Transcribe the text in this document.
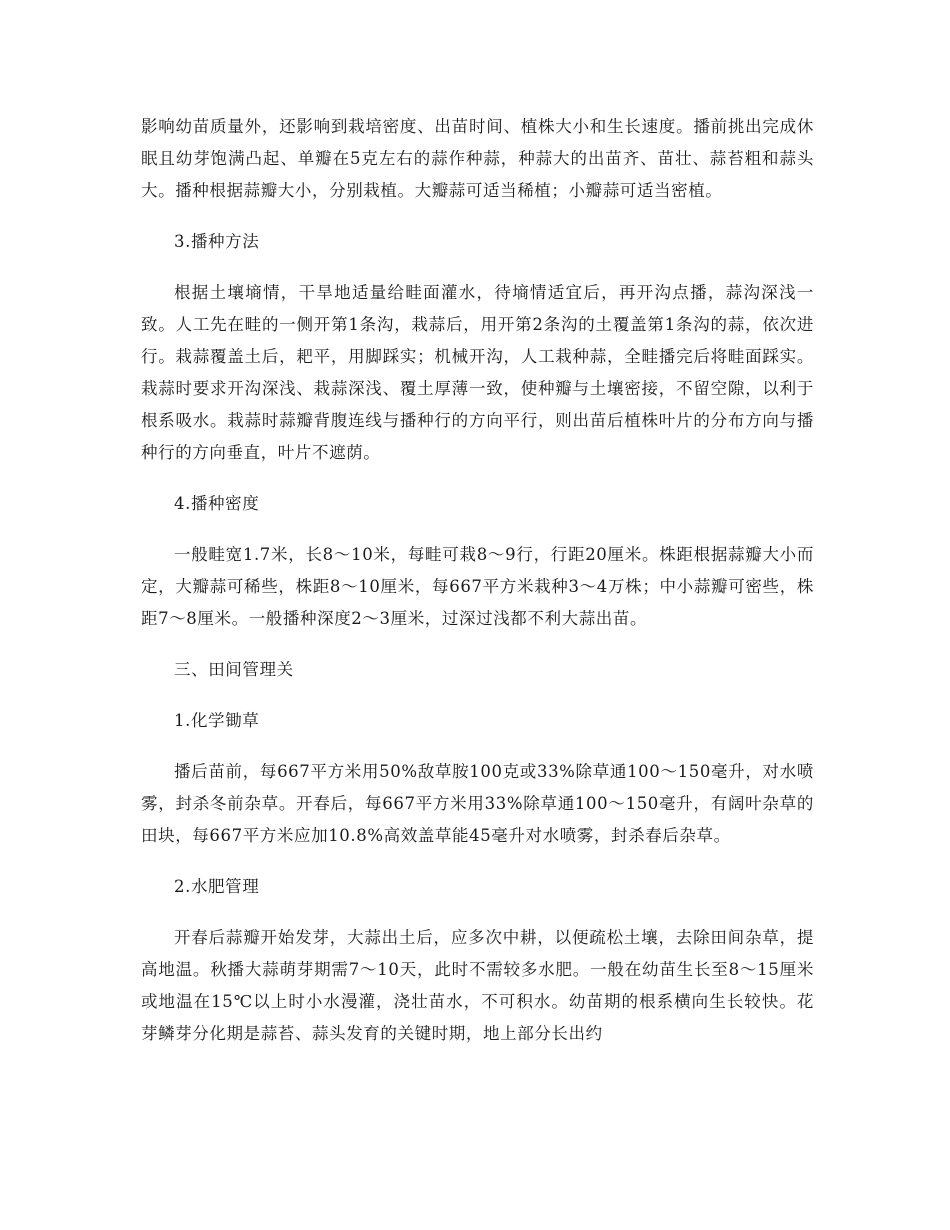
影响幼苗质量外，还影响到栽培密度、出苗时间、植株大小和生长速度。播前挑出完成休眠且幼芽饱满凸起、单瓣在5克左右的蒜作种蒜，种蒜大的出苗齐、苗壮、蒜苔粗和蒜头大。播种根据蒜瓣大小，分别栽植。大瓣蒜可适当稀植；小瓣蒜可适当密植。

3.播种方法

根据土壤墒情，干旱地适量给畦面灌水，待墒情适宜后，再开沟点播，蒜沟深浅一致。人工先在畦的一侧开第1条沟，栽蒜后，用开第2条沟的土覆盖第1条沟的蒜，依次进行。栽蒜覆盖土后，耙平，用脚踩实；机械开沟，人工栽种蒜，全畦播完后将畦面踩实。栽蒜时要求开沟深浅、栽蒜深浅、覆土厚薄一致，使种瓣与土壤密接，不留空隙，以利于根系吸水。栽蒜时蒜瓣背腹连线与播种行的方向平行，则出苗后植株叶片的分布方向与播种行的方向垂直，叶片不遮荫。

4.播种密度

一般畦宽1.7米，长8～10米，每畦可栽8～9行，行距20厘米。株距根据蒜瓣大小而定，大瓣蒜可稀些，株距8～10厘米，每667平方米栽种3～4万株；中小蒜瓣可密些，株距7～8厘米。一般播种深度2～3厘米，过深过浅都不利大蒜出苗。

三、田间管理关
1.化学锄草

播后苗前，每667平方米用50%敌草胺100克或33%除草通100～150毫升，对水喷雾，封杀冬前杂草。开春后，每667平方米用33%除草通100～150毫升，有阔叶杂草的田块，每667平方米应加10.8%高效盖草能45毫升对水喷雾，封杀春后杂草。

2.水肥管理

开春后蒜瓣开始发芽，大蒜出土后，应多次中耕，以便疏松土壤，去除田间杂草，提高地温。秋播大蒜萌芽期需7～10天，此时不需较多水肥。一般在幼苗生长至8～15厘米或地温在15℃以上时小水漫灌，浇壮苗水，不可积水。幼苗期的根系横向生长较快。花芽鳞芽分化期是蒜苔、蒜头发育的关键时期，地上部分长出约
